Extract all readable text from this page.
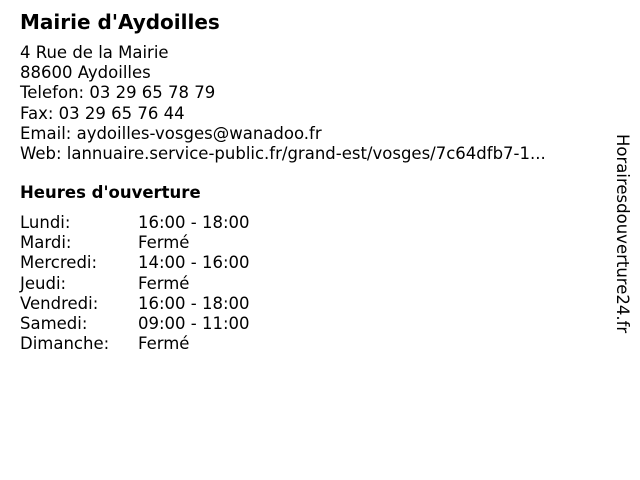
Mairie d'Aydoilles
4 Rue de la Mairie
88600 Aydoilles
Telefon: 03 29 65 78 79
Fax: 03 29 65 76 44
Email: aydoilles-vosges@wanadoo.fr
Web: lannuaire.service-public.fr/grand-est/vosges/7c64dfb7-1...
Heures d'ouverture
Lundi:	16:00 - 18:00
Mardi:	Fermé
Mercredi: 14:00 - 16:00
Jeudi:	Fermé
Vendredi: 16:00 - 18:00
Samedi:	09:00 - 11:00
Dimanche: Fermé
Horairesdouverture24.fr
